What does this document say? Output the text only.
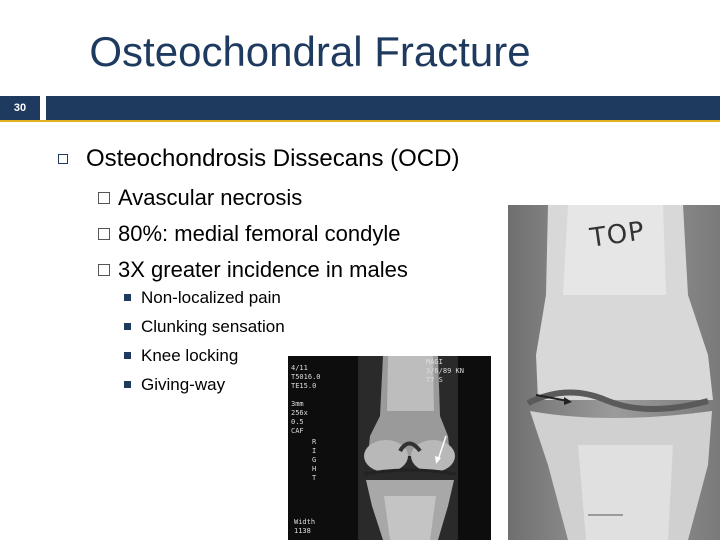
Osteochondral Fracture
30
Osteochondrosis Dissecans (OCD)
Avascular necrosis
80%: medial femoral condyle
3X greater incidence in males
Non-localized pain
Clunking sensation
Knee locking
Giving-way
4/11
T5016.0
TE15.0

3mm
256x
0.5
CAF

MAGI
3/6/89 KN
T7 S
R
I
G
H
T
Width
1138
TOP
